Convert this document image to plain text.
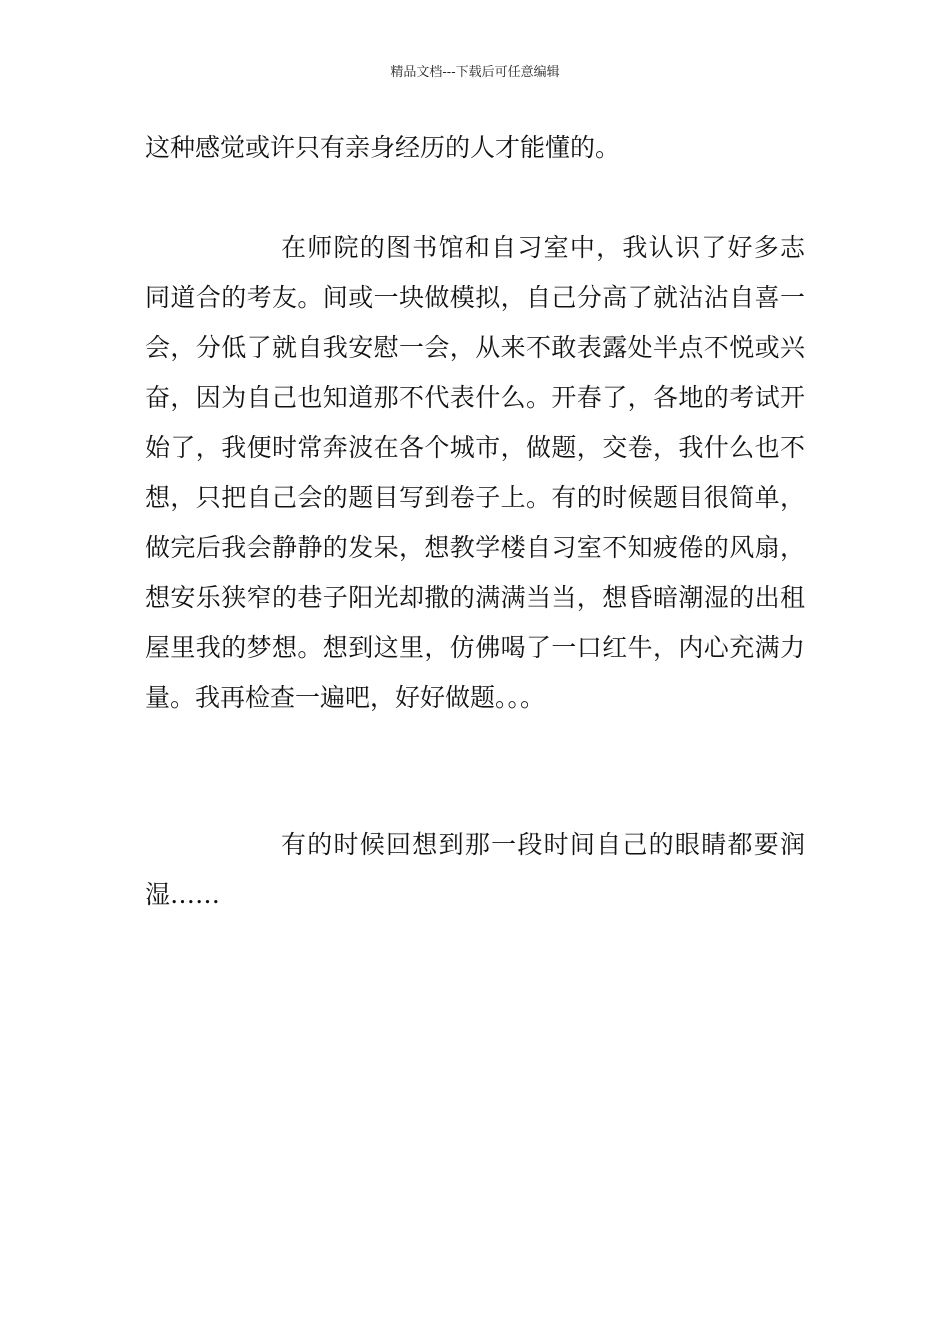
精品文档---下载后可任意编辑

这种感觉或许只有亲身经历的人才能懂的。

在师院的图书馆和自习室中，我认识了好多志同道合的考友。间或一块做模拟，自己分高了就沾沾自喜一会，分低了就自我安慰一会，从来不敢表露处半点不悦或兴奋，因为自己也知道那不代表什么。开春了，各地的考试开始了，我便时常奔波在各个城市，做题，交卷，我什么也不想，只把自己会的题目写到卷子上。有的时候题目很简单，做完后我会静静的发呆，想教学楼自习室不知疲倦的风扇，想安乐狭窄的巷子阳光却撒的满满当当，想昏暗潮湿的出租屋里我的梦想。想到这里，仿佛喝了一口红牛，内心充满力量。我再检查一遍吧，好好做题。。。

有的时候回想到那一段时间自己的眼睛都要润湿……
